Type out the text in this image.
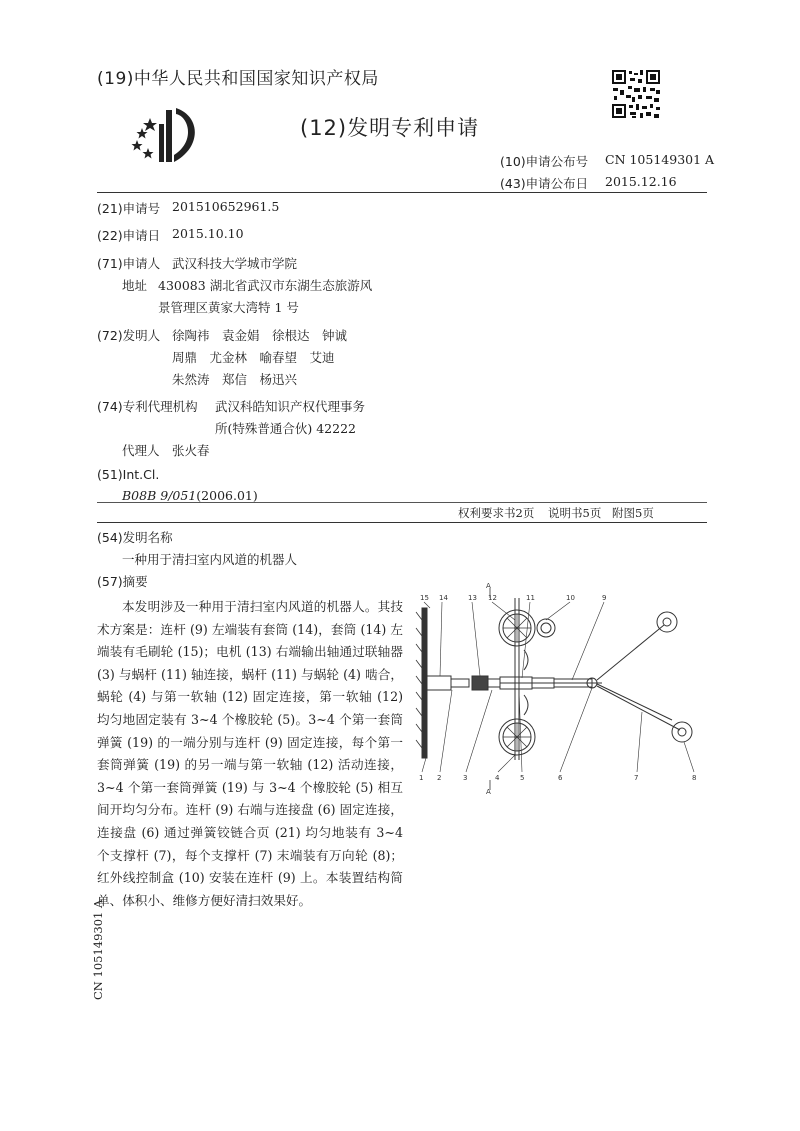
(19)中华人民共和国国家知识产权局
(12)发明专利申请
(10)申请公布号 CN 105149301 A
(43)申请公布日 2015.12.16
(21)申请号 201510652961.5
(22)申请日 2015.10.10
(71)申请人 武汉科技大学城市学院
地址 430083 湖北省武汉市东湖生态旅游风
景管理区黄家大湾特 1 号
(72)发明人 徐陶祎　袁金娟　徐根达　钟诚
周鼎　尤金林　喻春望　艾迪
朱然涛　郑信　杨迅兴
(74)专利代理机构 武汉科皓知识产权代理事务
所(特殊普通合伙) 42222
代理人 张火春
(51)Int.Cl.
B08B 9/051(2006.01)
权利要求书2页 说明书5页 附图5页
(54)发明名称
一种用于清扫室内风道的机器人
(57)摘要

本发明涉及一种用于清扫室内风道的机器人。其技术方案是：连杆 (9) 左端装有套筒 (14)，套筒 (14) 左端装有毛刷轮 (15)；电机 (13) 右端输出轴通过联轴器 (3) 与蜗杆 (11) 轴连接，蜗杆 (11) 与蜗轮 (4) 啮合，蜗轮 (4) 与第一软轴 (12) 固定连接，第一软轴 (12) 均匀地固定装有 3~4 个橡胶轮 (5)。3~4 个第一套筒弹簧 (19) 的一端分别与连杆 (9) 固定连接，每个第一套筒弹簧 (19) 的另一端与第一软轴 (12) 活动连接，3~4 个第一套筒弹簧 (19) 与 3~4 个橡胶轮 (5) 相互间开均匀分布。连杆 (9) 右端与连接盘 (6) 固定连接，连接盘 (6) 通过弹簧铰链合页 (21) 均匀地装有 3~4 个支撑杆 (7)，每个支撑杆 (7) 末端装有万向轮 (8)；红外线控制盒 (10) 安装在连杆 (9) 上。本装置结构简单、体积小、维修方便好清扫效果好。

CN 105149301 A
15 14	13 12	11	10	9
1 2	3	4	5	6	7	8
A
A
